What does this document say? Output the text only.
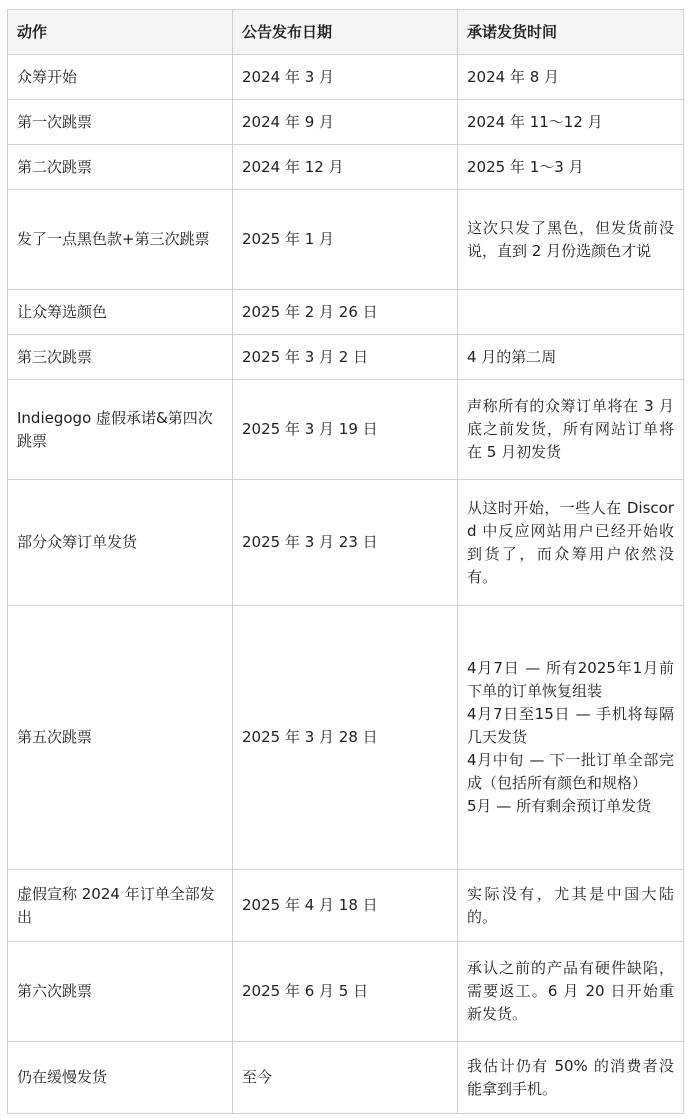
动作	公告发布日期	承诺发货时间
众筹开始	2024 年 3 月	2024 年 8 月
第一次跳票	2024 年 9 月	2024 年 11～12 月
第二次跳票	2024 年 12 月	2025 年 1～3 月
发了一点黑色款+第三次跳票	2025 年 1 月	这次只发了黑色，但发货前没说，直到 2 月份选颜色才说
让众筹选颜色	2025 年 2 月 26 日	
第三次跳票	2025 年 3 月 2 日	4 月的第二周
Indiegogo 虚假承诺&第四次跳票	2025 年 3 月 19 日	声称所有的众筹订单将在 3 月底之前发货，所有网站订单将在 5 月初发货
部分众筹订单发货	2025 年 3 月 23 日	从这时开始，一些人在 Discord 中反应网站用户已经开始收到货了，而众筹用户依然没有。
第五次跳票	2025 年 3 月 28 日	4月7日 — 所有2025年1月前下单的订单恢复组装
4月7日至15日 — 手机将每隔几天发货
4月中旬 — 下一批订单全部完成（包括所有颜色和规格）
5月 — 所有剩余预订单发货

虚假宣称 2024 年订单全部发出	2025 年 4 月 18 日	实际没有，尤其是中国大陆的。
第六次跳票	2025 年 6 月 5 日	承认之前的产品有硬件缺陷，需要返工。6 月 20 日开始重新发货。
仍在缓慢发货	至今	我估计仍有 50% 的消费者没能拿到手机。
